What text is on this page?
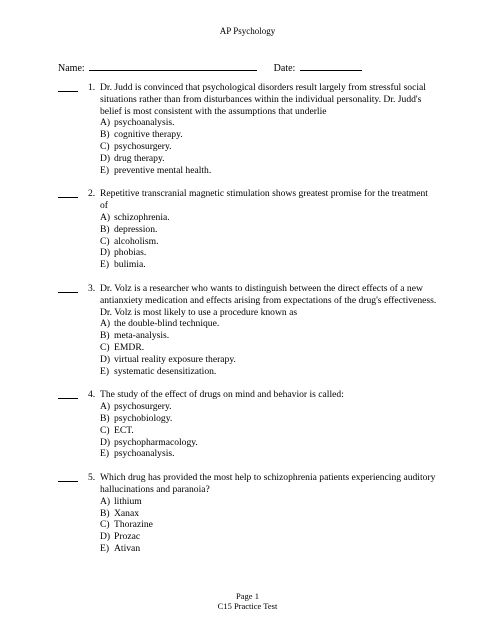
AP Psychology
Name:	Date:
1. Dr. Judd is convinced that psychological disorders result largely from stressful social situations rather than from disturbances within the individual personality. Dr. Judd's belief is most consistent with the assumptions that underlie

A) psychoanalysis.
B) cognitive therapy.
C) psychosurgery.
D) drug therapy.
E) preventive mental health.
2. Repetitive transcranial magnetic stimulation shows greatest promise for the treatment of

A) schizophrenia.
B) depression.
C) alcoholism.
D) phobias.
E) bulimia.
3. Dr. Volz is a researcher who wants to distinguish between the direct effects of a new antianxiety medication and effects arising from expectations of the drug's effectiveness. Dr. Volz is most likely to use a procedure known as

A) the double-blind technique.
B) meta-analysis.
C) EMDR.
D) virtual reality exposure therapy.
E) systematic desensitization.
4. The study of the effect of drugs on mind and behavior is called:

A) psychosurgery.
B) psychobiology.
C) ECT.
D) psychopharmacology.
E) psychoanalysis.
5. Which drug has provided the most help to schizophrenia patients experiencing auditory hallucinations and paranoia?

A) lithium
B) Xanax
C) Thorazine
D) Prozac
E) Ativan
Page 1
C15 Practice Test
